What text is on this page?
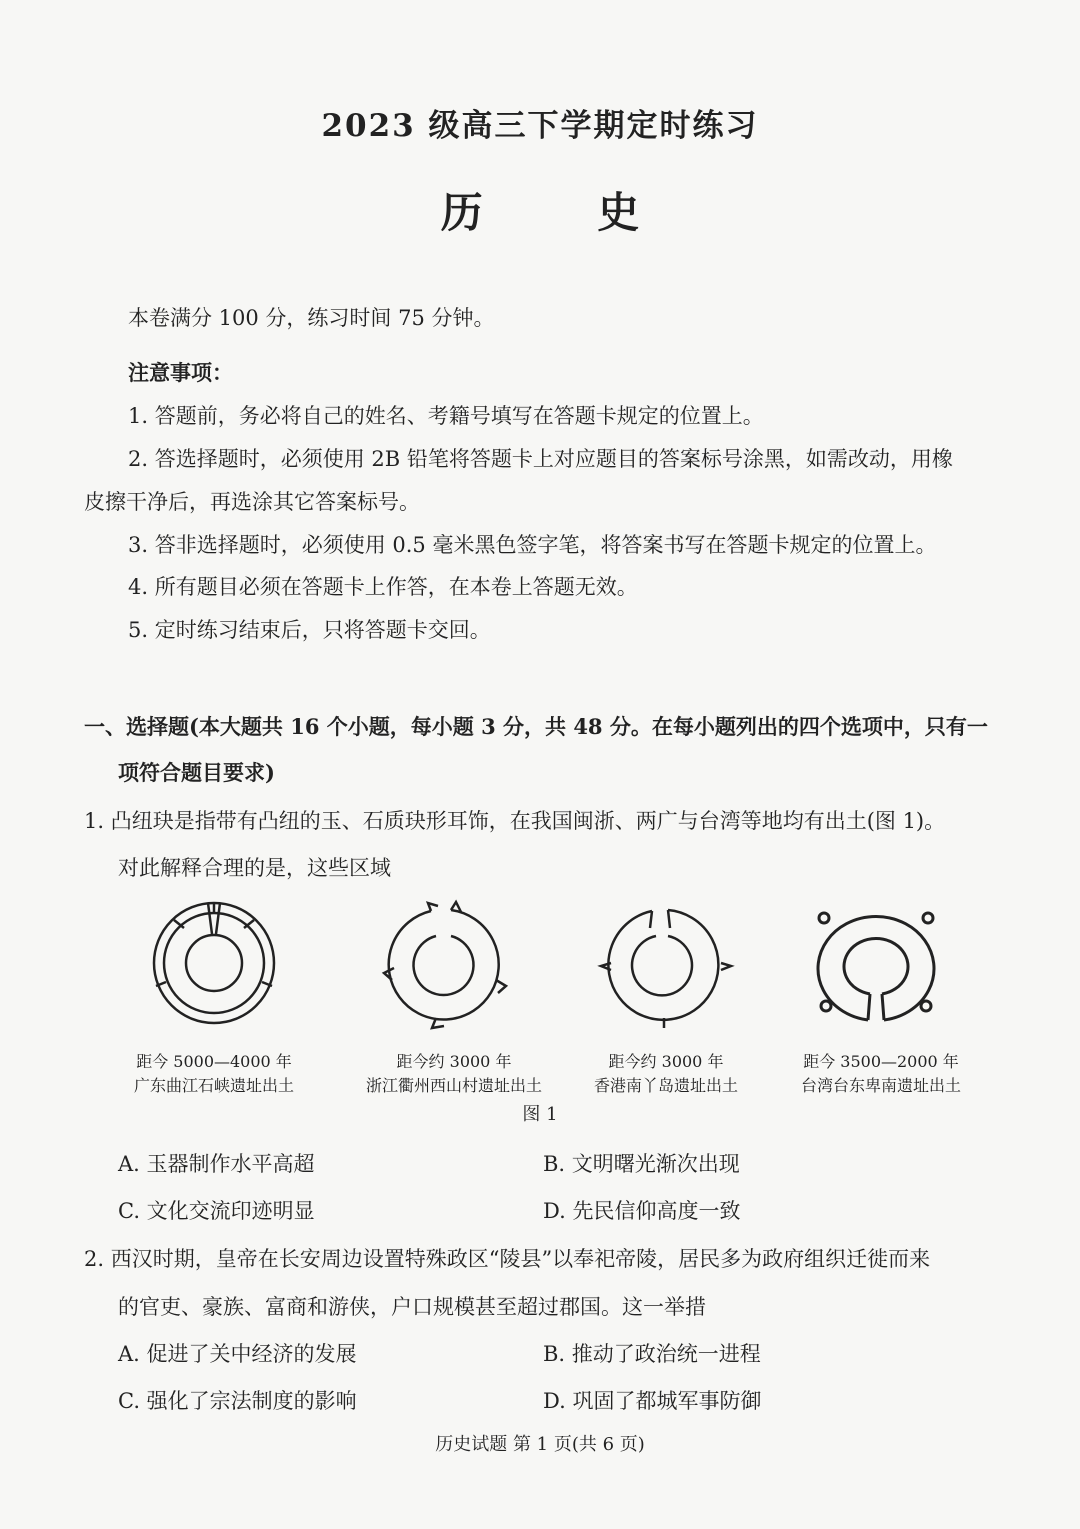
2023 级高三下学期定时练习
历 史
本卷满分 100 分，练习时间 75 分钟。
注意事项：
1. 答题前，务必将自己的姓名、考籍号填写在答题卡规定的位置上。
2. 答选择题时，必须使用 2B 铅笔将答题卡上对应题目的答案标号涂黑，如需改动，用橡
皮擦干净后，再选涂其它答案标号。
3. 答非选择题时，必须使用 0.5 毫米黑色签字笔，将答案书写在答题卡规定的位置上。
4. 所有题目必须在答题卡上作答，在本卷上答题无效。
5. 定时练习结束后，只将答题卡交回。
一、选择题(本大题共 16 个小题，每小题 3 分，共 48 分。在每小题列出的四个选项中，只有一
项符合题目要求)
1. 凸纽玦是指带有凸纽的玉、石质玦形耳饰，在我国闽浙、两广与台湾等地均有出土(图 1)。
对此解释合理的是，这些区域
距今 5000—4000 年
广东曲江石峡遗址出土
距今约 3000 年
浙江衢州西山村遗址出土
距今约 3000 年
香港南丫岛遗址出土
距今 3500—2000 年
台湾台东卑南遗址出土
图 1
A. 玉器制作水平高超	B. 文明曙光渐次出现
C. 文化交流印迹明显	D. 先民信仰高度一致
2. 西汉时期，皇帝在长安周边设置特殊政区“陵县”以奉祀帝陵，居民多为政府组织迁徙而来
的官吏、豪族、富商和游侠，户口规模甚至超过郡国。这一举措
A. 促进了关中经济的发展	B. 推动了政治统一进程
C. 强化了宗法制度的影响	D. 巩固了都城军事防御
历史试题 第 1 页(共 6 页)
